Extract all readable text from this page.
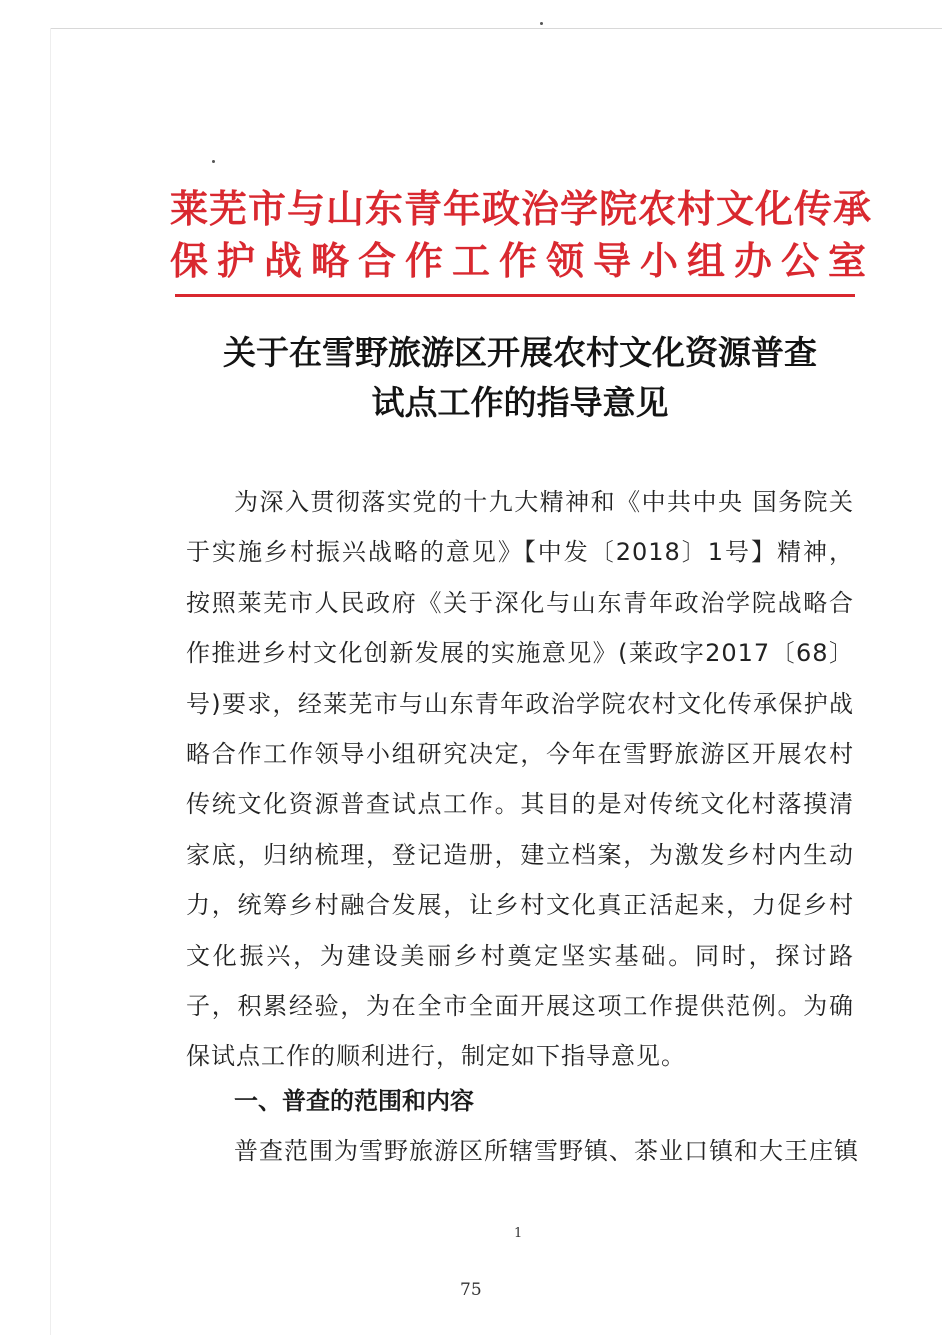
莱芜市与山东青年政治学院农村文化传承
保护战略合作工作领导小组办公室
关于在雪野旅游区开展农村文化资源普查
试点工作的指导意见
为深入贯彻落实党的十九大精神和《中共中央 国务院关于实施乡村振兴战略的意见》【中发〔2018〕1号】精神，按照莱芜市人民政府《关于深化与山东青年政治学院战略合作推进乡村文化创新发展的实施意见》(莱政字2017〔68〕号)要求，经莱芜市与山东青年政治学院农村文化传承保护战略合作工作领导小组研究决定，今年在雪野旅游区开展农村传统文化资源普查试点工作。其目的是对传统文化村落摸清家底，归纳梳理，登记造册，建立档案，为激发乡村内生动力，统筹乡村融合发展，让乡村文化真正活起来，力促乡村文化振兴，为建设美丽乡村奠定坚实基础。同时，探讨路子，积累经验，为在全市全面开展这项工作提供范例。为确保试点工作的顺利进行，制定如下指导意见。
一、普查的范围和内容
普查范围为雪野旅游区所辖雪野镇、茶业口镇和大王庄镇
1
75
